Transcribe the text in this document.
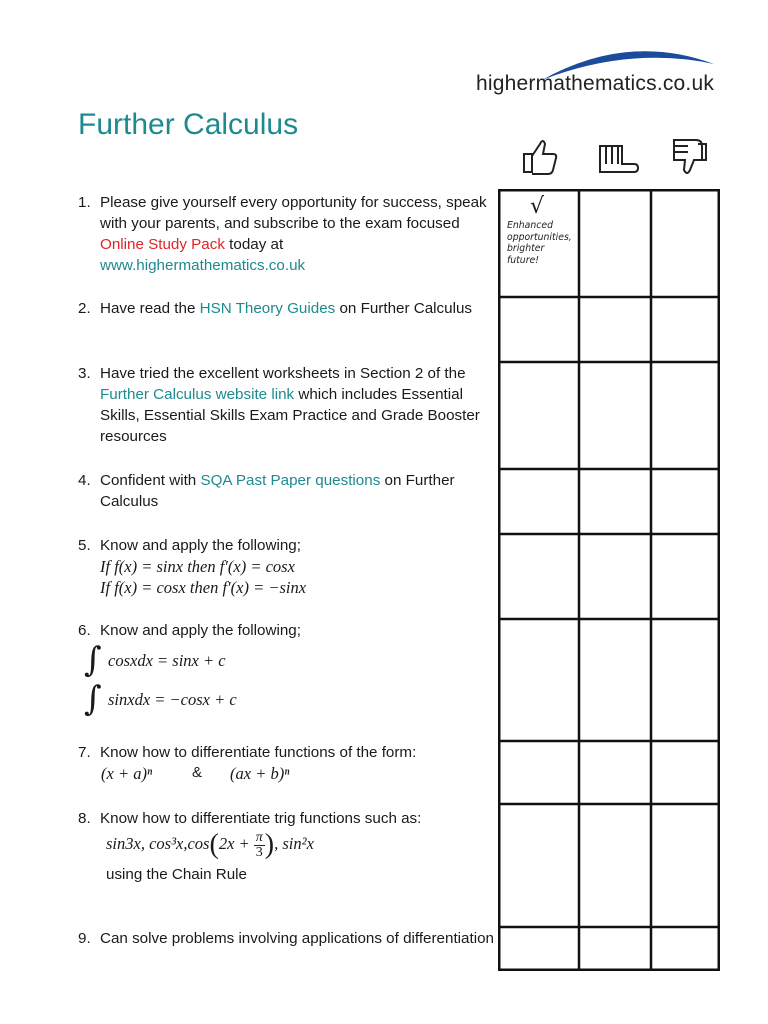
highermathematics.co.uk
Further Calculus
√
Enhanced opportunities, brighter future!
1. Please give yourself every opportunity for success, speak with your parents, and subscribe to the exam focused Online Study Pack today at
www.highermathematics.co.uk
2. Have read the HSN Theory Guides on Further Calculus
3. Have tried the excellent worksheets in Section 2 of the Further Calculus website link which includes Essential Skills, Essential Skills Exam Practice and Grade Booster resources
4. Confident with SQA Past Paper questions on Further Calculus
5. Know and apply the following;
If f(x) = sinx then f′(x) = cosx
If f(x) = cosx then f′(x) = −sinx
6. Know and apply the following;
∫ cosxdx = sinx + c
∫ sinxdx = −cosx + c
7. Know how to differentiate functions of the form:
(x + a)ⁿ	& (ax + b)ⁿ
8. Know how to differentiate trig functions such as:
sin3x, $\cos^3x,\cos(2x + \frac{\pi}{3}$ ), sin²x
using the Chain Rule
9. Can solve problems involving applications of differentiation
